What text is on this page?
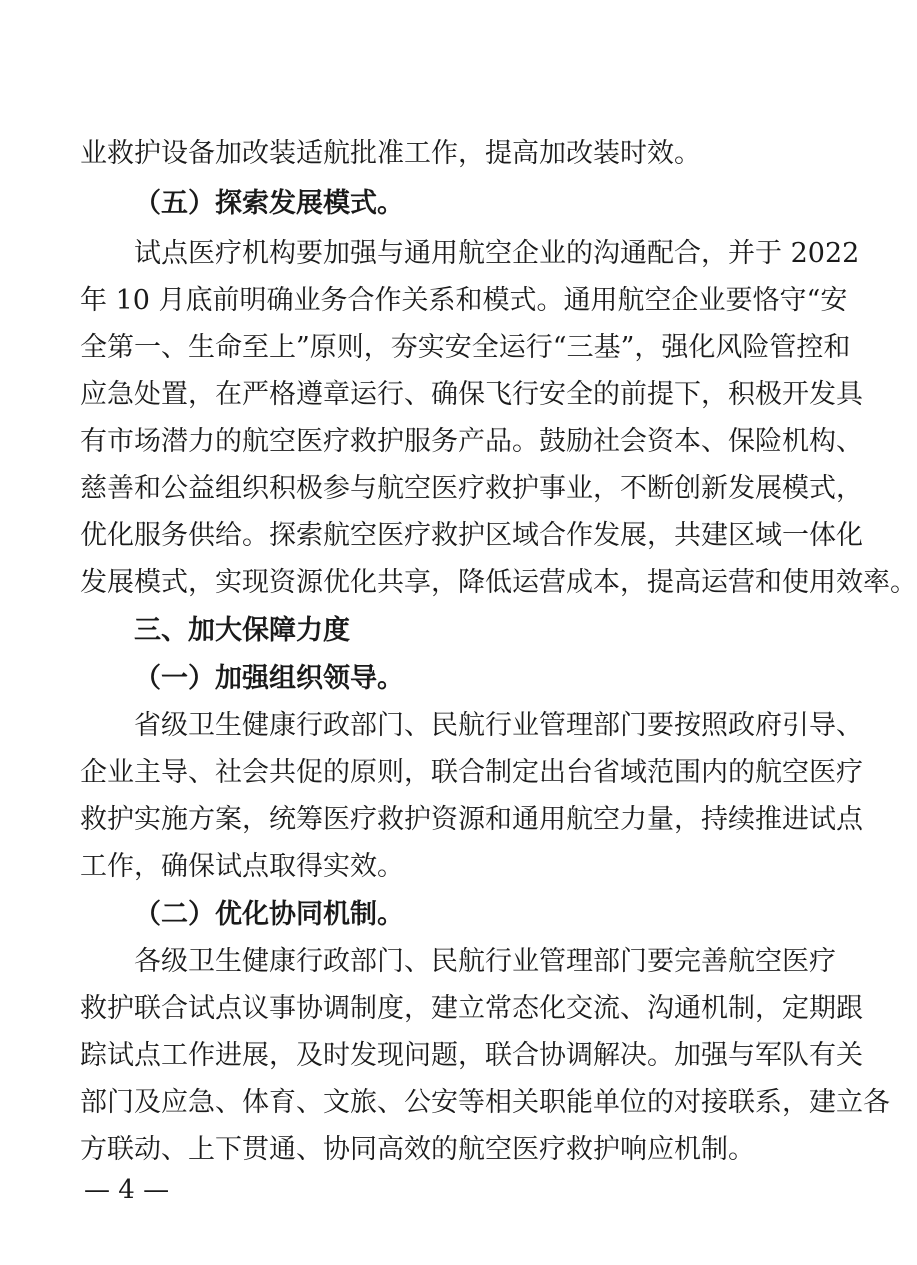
业救护设备加改装适航批准工作，提高加改装时效。

（五）探索发展模式。

试点医疗机构要加强与通用航空企业的沟通配合，并于 2022

年 10 月底前明确业务合作关系和模式。通用航空企业要恪守“安

全第一、生命至上”原则，夯实安全运行“三基”，强化风险管控和

应急处置，在严格遵章运行、确保飞行安全的前提下，积极开发具

有市场潜力的航空医疗救护服务产品。鼓励社会资本、保险机构、

慈善和公益组织积极参与航空医疗救护事业，不断创新发展模式，

优化服务供给。探索航空医疗救护区域合作发展，共建区域一体化

发展模式，实现资源优化共享，降低运营成本，提高运营和使用效率。

三、加大保障力度

（一）加强组织领导。

省级卫生健康行政部门、民航行业管理部门要按照政府引导、

企业主导、社会共促的原则，联合制定出台省域范围内的航空医疗

救护实施方案，统筹医疗救护资源和通用航空力量，持续推进试点

工作，确保试点取得实效。

（二）优化协同机制。

各级卫生健康行政部门、民航行业管理部门要完善航空医疗

救护联合试点议事协调制度，建立常态化交流、沟通机制，定期跟

踪试点工作进展，及时发现问题，联合协调解决。加强与军队有关

部门及应急、体育、文旅、公安等相关职能单位的对接联系，建立各

方联动、上下贯通、协同高效的航空医疗救护响应机制。

— 4 —
